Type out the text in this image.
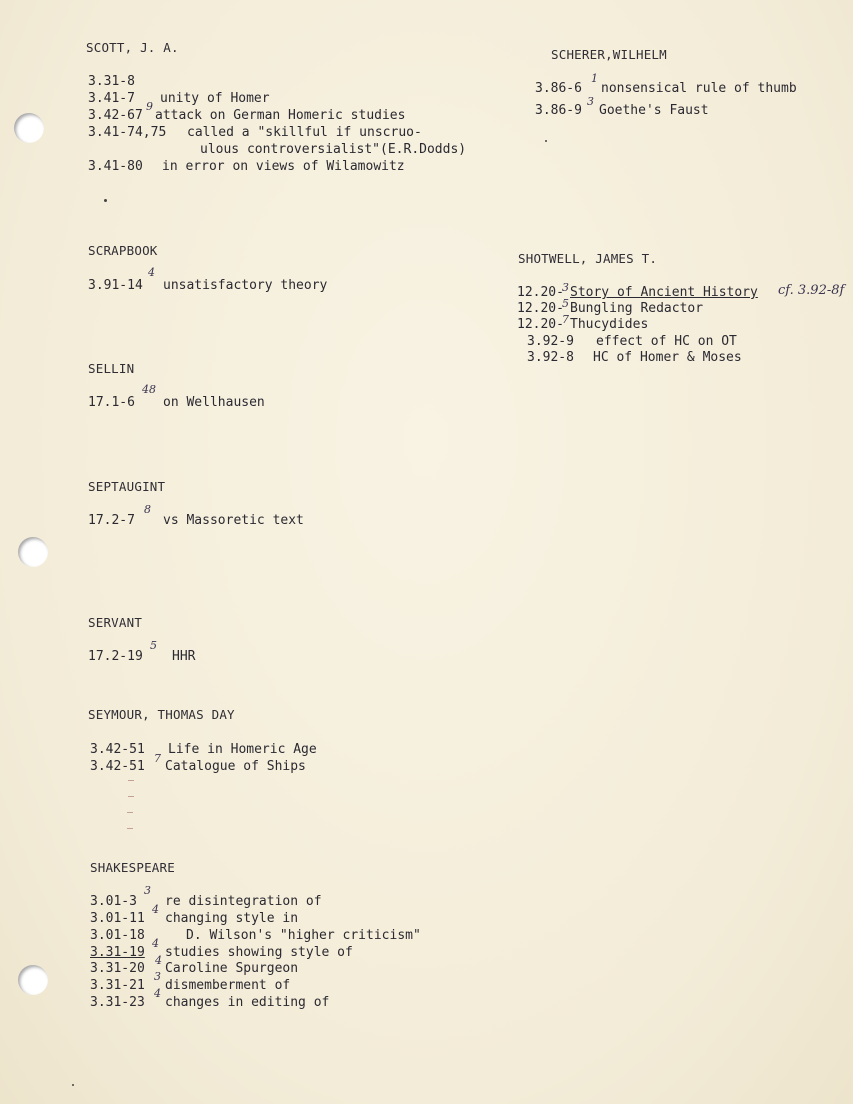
SCOTT, J. A.
3.31-8
3.41-7 unity of Homer
3.42-67
9
attack on German Homeric studies
3.41-74,75 called a "skillful if unscruo-
ulous controversialist"(E.R.Dodds)
3.41-80 in error on views of Wilamowitz
SCRAPBOOK
3.91-14
4
unsatisfactory theory
SELLIN
17.1-6
48
on Wellhausen
SEPTAUGINT
17.2-7
8
vs Massoretic text
SERVANT
17.2-19
5
HHR
SEYMOUR, THOMAS DAY
3.42-51 Life in Homeric Age
3.42-51
7
Catalogue of Ships
SHAKESPEARE
3.01-3
3
re disintegration of
3.01-11
4
changing style in
3.01-18	D. Wilson's "higher criticism"
3.31-19
4
studies showing style of
3.31-20
4
Caroline Spurgeon
3.31-21
3
dismemberment of
3.31-23
4
changes in editing of
SCHERER,WILHELM
3.86-6
1
nonsensical rule of thumb
3.86-9
3
Goethe's Faust
SHOTWELL, JAMES T.
12.20-
3 Story of Ancient History cf. 3.92-8f
12.20-
5 Bungling Redactor
12.20-
7 Thucydides
3.92-9 effect of HC on OT
3.92-8 HC of Homer & Moses
